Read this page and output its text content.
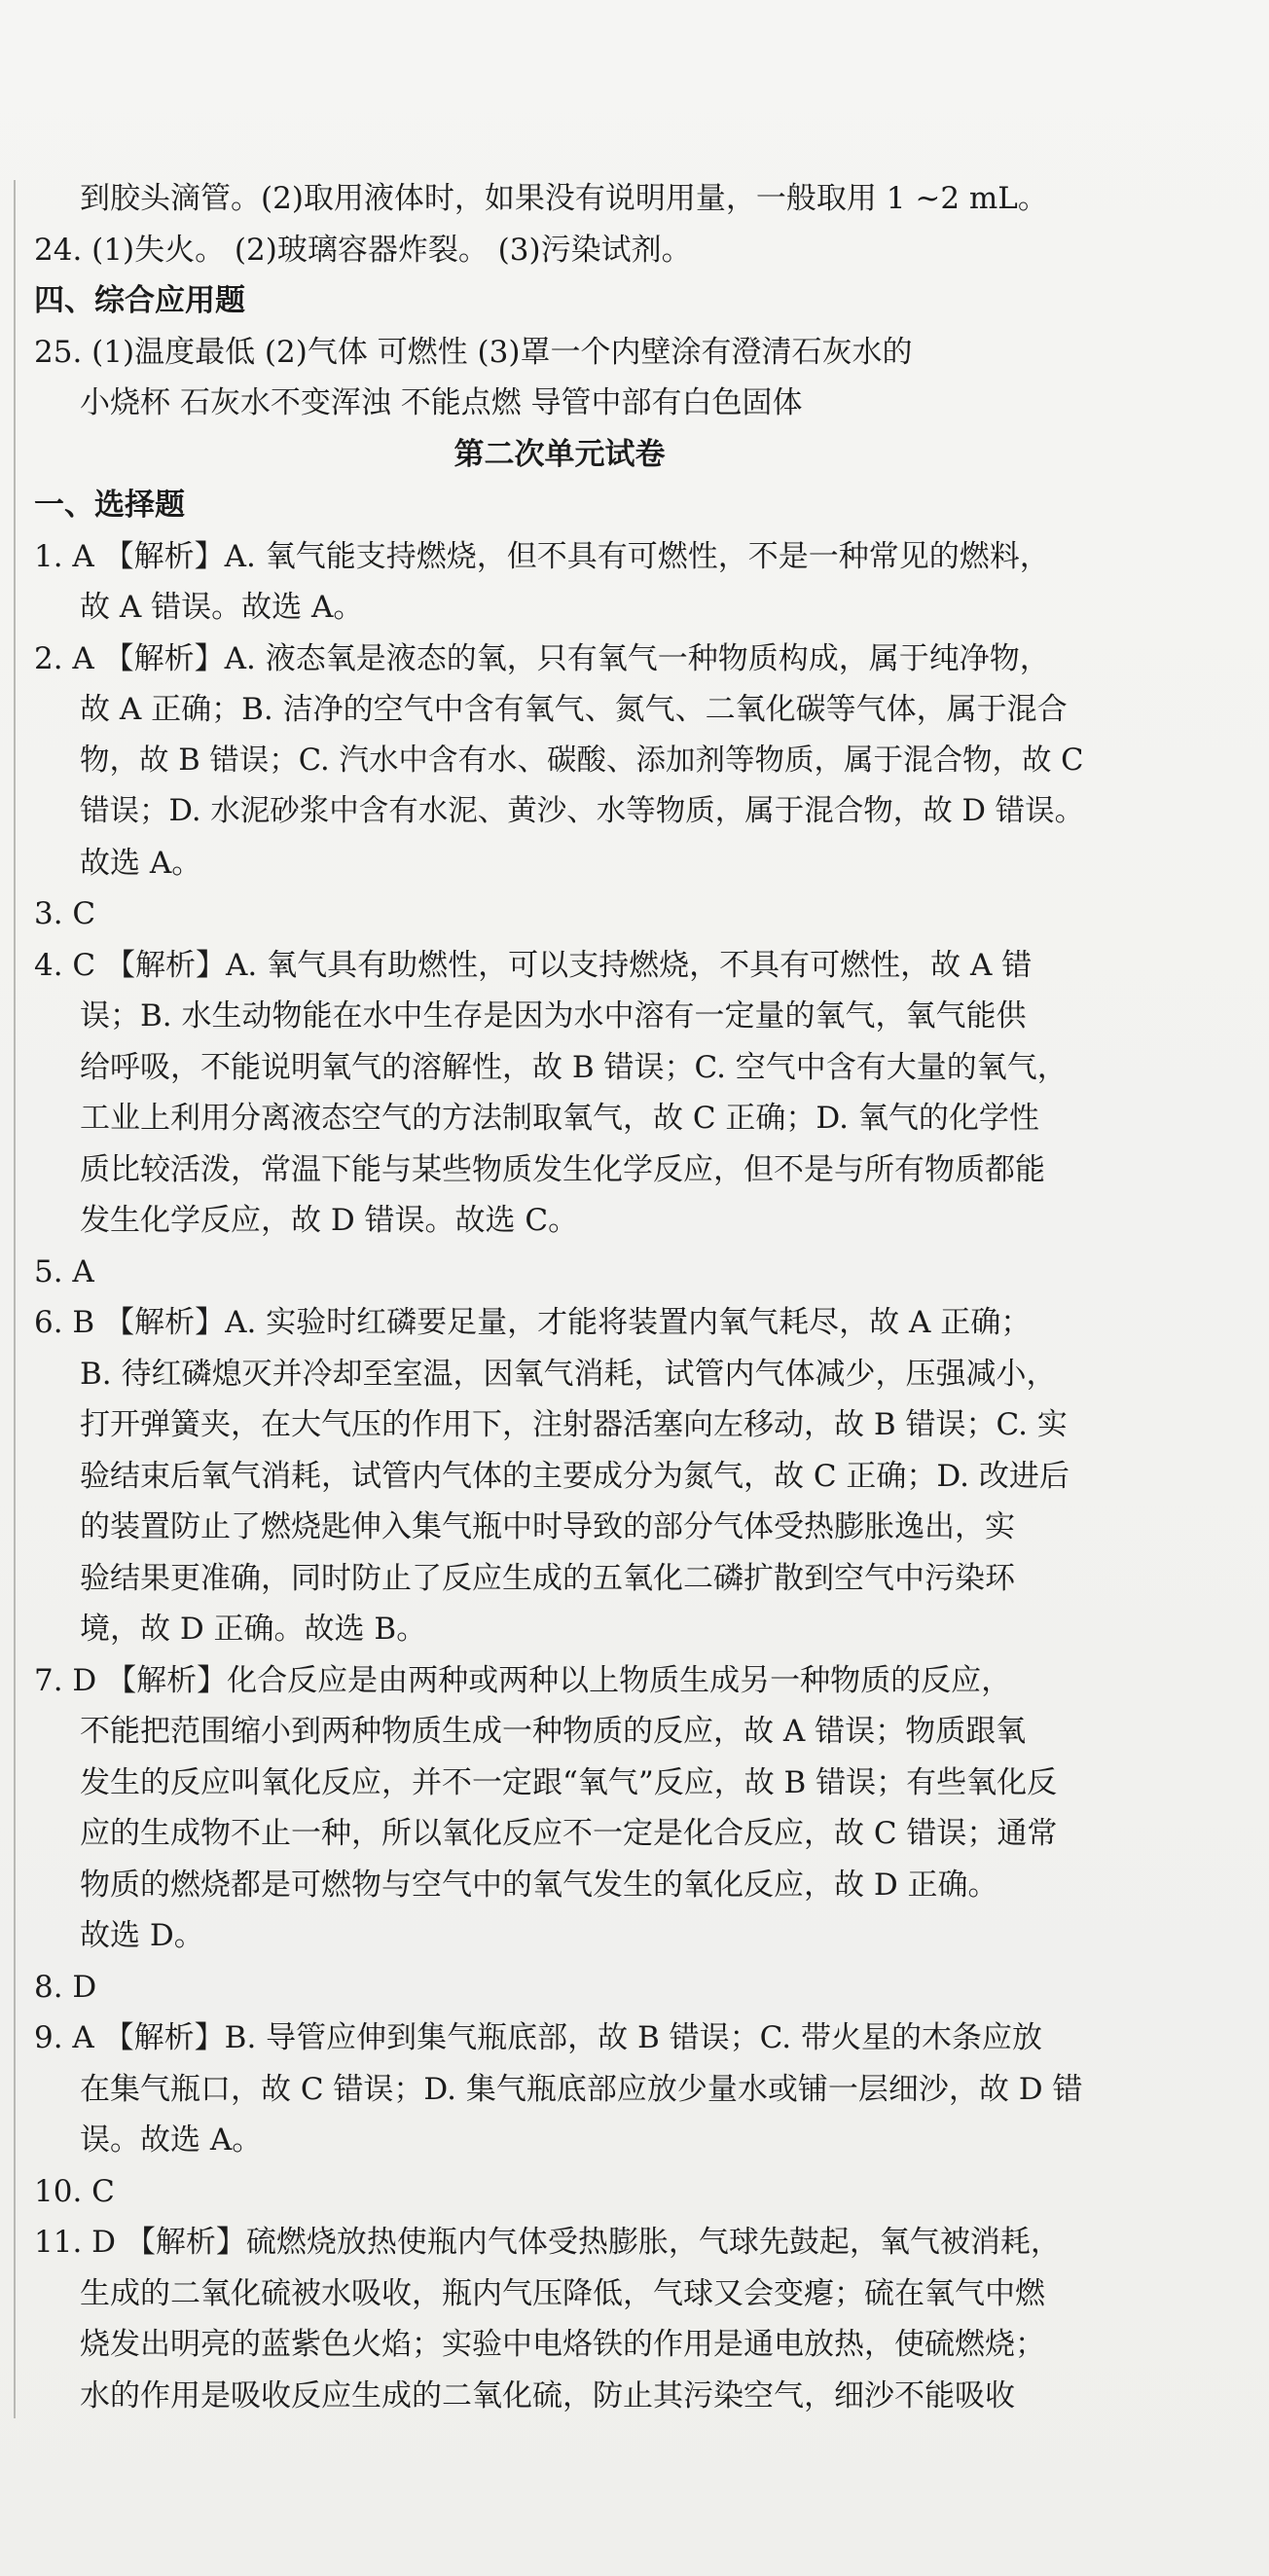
到胶头滴管。(2)取用液体时，如果没有说明用量，一般取用 1 ~2 mL。
24. (1)失火。 (2)玻璃容器炸裂。 (3)污染试剂。
四、综合应用题
25. (1)温度最低 (2)气体 可燃性 (3)罩一个内壁涂有澄清石灰水的
小烧杯 石灰水不变浑浊 不能点燃 导管中部有白色固体
第二次单元试卷
一、选择题
1. A 【解析】A. 氧气能支持燃烧，但不具有可燃性，不是一种常见的燃料，
故 A 错误。故选 A。
2. A 【解析】A. 液态氧是液态的氧，只有氧气一种物质构成，属于纯净物，
故 A 正确；B. 洁净的空气中含有氧气、氮气、二氧化碳等气体，属于混合
物，故 B 错误；C. 汽水中含有水、碳酸、添加剂等物质，属于混合物，故 C
错误；D. 水泥砂浆中含有水泥、黄沙、水等物质，属于混合物，故 D 错误。
故选 A。
3. C
4. C 【解析】A. 氧气具有助燃性，可以支持燃烧，不具有可燃性，故 A 错
误；B. 水生动物能在水中生存是因为水中溶有一定量的氧气，氧气能供
给呼吸，不能说明氧气的溶解性，故 B 错误；C. 空气中含有大量的氧气，
工业上利用分离液态空气的方法制取氧气，故 C 正确；D. 氧气的化学性
质比较活泼，常温下能与某些物质发生化学反应，但不是与所有物质都能
发生化学反应，故 D 错误。故选 C。
5. A
6. B 【解析】A. 实验时红磷要足量，才能将装置内氧气耗尽，故 A 正确；
B. 待红磷熄灭并冷却至室温，因氧气消耗，试管内气体减少，压强减小，
打开弹簧夹，在大气压的作用下，注射器活塞向左移动，故 B 错误；C. 实
验结束后氧气消耗，试管内气体的主要成分为氮气，故 C 正确；D. 改进后
的装置防止了燃烧匙伸入集气瓶中时导致的部分气体受热膨胀逸出，实
验结果更准确，同时防止了反应生成的五氧化二磷扩散到空气中污染环
境，故 D 正确。故选 B。
7. D 【解析】化合反应是由两种或两种以上物质生成另一种物质的反应，
不能把范围缩小到两种物质生成一种物质的反应，故 A 错误；物质跟氧
发生的反应叫氧化反应，并不一定跟“氧气”反应，故 B 错误；有些氧化反
应的生成物不止一种，所以氧化反应不一定是化合反应，故 C 错误；通常
物质的燃烧都是可燃物与空气中的氧气发生的氧化反应，故 D 正确。
故选 D。
8. D
9. A 【解析】B. 导管应伸到集气瓶底部，故 B 错误；C. 带火星的木条应放
在集气瓶口，故 C 错误；D. 集气瓶底部应放少量水或铺一层细沙，故 D 错
误。故选 A。
10. C
11. D 【解析】硫燃烧放热使瓶内气体受热膨胀，气球先鼓起，氧气被消耗，
生成的二氧化硫被水吸收，瓶内气压降低，气球又会变瘪；硫在氧气中燃
烧发出明亮的蓝紫色火焰；实验中电烙铁的作用是通电放热，使硫燃烧；
水的作用是吸收反应生成的二氧化硫，防止其污染空气，细沙不能吸收
